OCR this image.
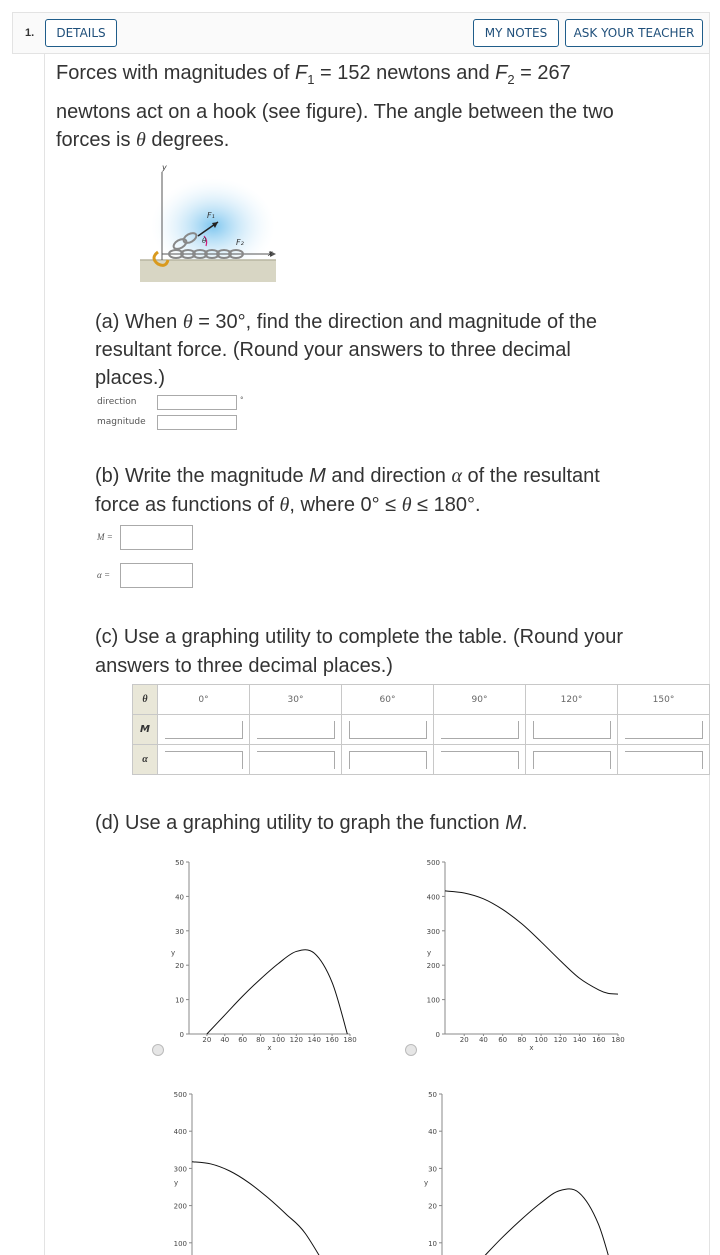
1.	DETAILS	MY NOTES	ASK YOUR TEACHER
Forces with magnitudes of $F_1 = 152$ newtons and $F_2 = 267$
newtons act on a hook (see figure). The angle between the two
forces is θ degrees.
y
x
F₁
F₂
θ
(a) When θ = 30°, find the direction and magnitude of the
resultant force. (Round your answers to three decimal
places.)
direction	°
magnitude
(b) Write the magnitude M and direction α of the resultant
force as functions of θ, where 0° ≤ θ ≤ 180°.
M =
α =
(c) Use a graphing utility to complete the table. (Round your
answers to three decimal places.)
θ	0°	30°	60°	90°	120°	150°
M	

α	

(d) Use a graphing utility to graph the function M.
0
10
20
30
40
50
y
20 40 60 80 100 120 140 160 180
x
0
100
200
300
400
500
y
20 40 60 80 100 120 140 160 180
x
100
200
300
400
500
y
10
20
30
40
50
y
